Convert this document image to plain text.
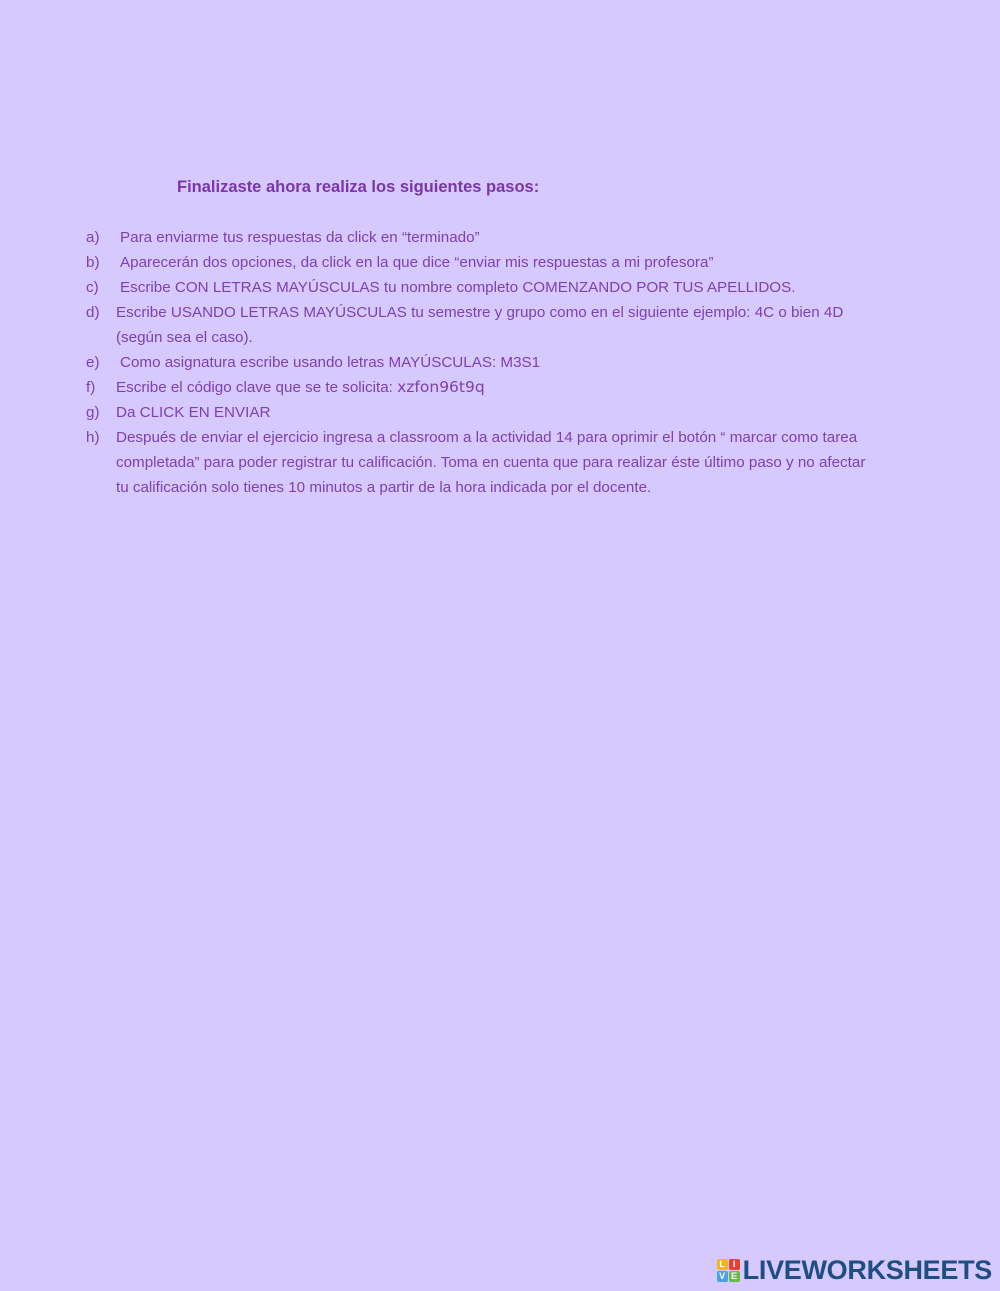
Finalizaste ahora realiza los siguientes pasos:
a)	Para enviarme tus respuestas da click en “terminado”
b)	Aparecerán dos opciones, da click en la que dice “enviar mis respuestas a mi profesora”
c)	Escribe CON LETRAS MAYÚSCULAS tu nombre completo COMENZANDO POR TUS APELLIDOS.
d)	Escribe USANDO LETRAS MAYÚSCULAS tu semestre y grupo como en el siguiente ejemplo: 4C o bien 4D (según sea el caso).
e)	Como asignatura escribe usando letras MAYÚSCULAS: M3S1
f)	Escribe el código clave que se te solicita: xzfon96t9q
g)	Da CLICK EN ENVIAR
h)	Después de enviar el ejercicio ingresa a classroom a la actividad 14 para oprimir el botón “ marcar como tarea completada” para poder registrar tu calificación. Toma en cuenta que para realizar éste último paso y no afectar tu calificación solo tienes 10 minutos a partir de la hora indicada por el docente.
L I
V E LIVEWORKSHEETS
